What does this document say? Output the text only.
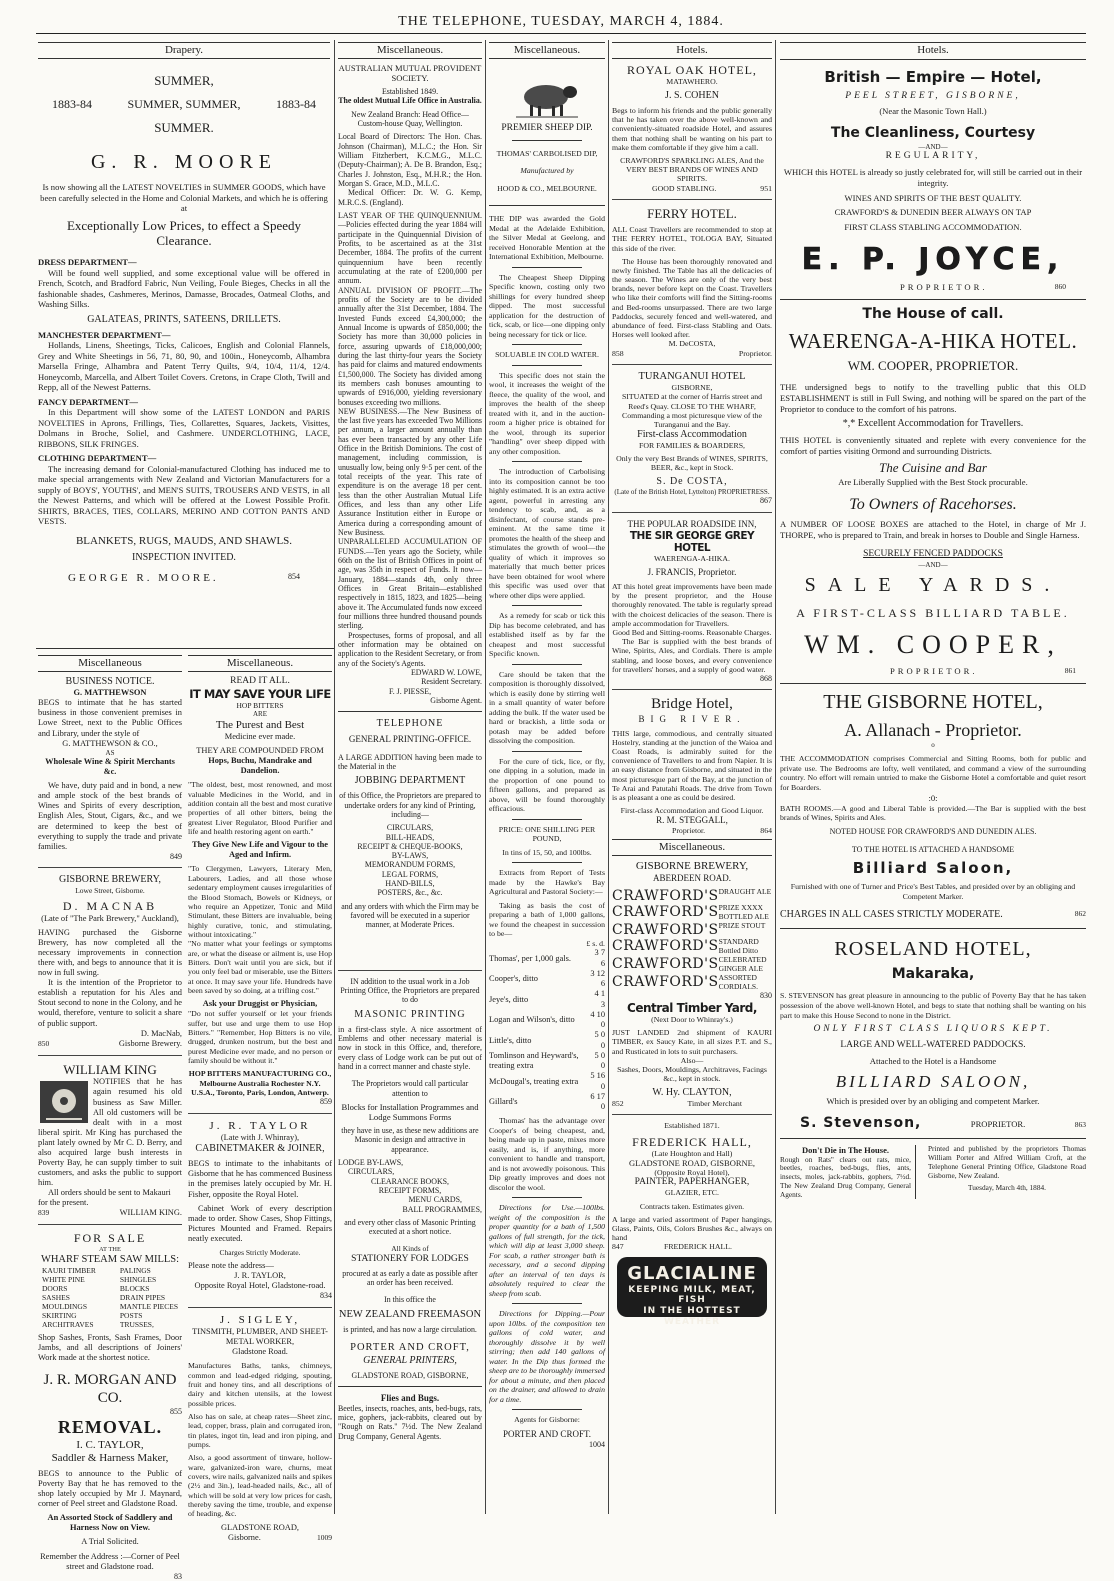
THE TELEPHONE, TUESDAY, MARCH 4, 1884.
Drapery.
SUMMER,
1883-84	SUMMER, SUMMER,	1883-84
SUMMER.
G. R. MOORE

Is now showing all the LATEST NOVELTIES in SUMMER GOODS, which have been carefully selected in the Home and Colonial Markets, and which he is offering at

Exceptionally Low Prices, to effect a Speedy Clearance.
DRESS DEPARTMENT—

Will be found well supplied, and some exceptional value will be offered in French, Scotch, and Bradford Fabric, Nun Veiling, Foule Bieges, Checks in all the fashionable shades, Cashmeres, Merinos, Damasse, Brocades, Oatmeal Cloths, and Washing Silks.

GALATEAS, PRINTS, SATEENS, DRILLETS.
MANCHESTER DEPARTMENT—

Hollands, Linens, Sheetings, Ticks, Calicoes, English and Colonial Flannels, Grey and White Sheetings in 56, 71, 80, 90, and 100in., Honeycomb, Alhambra Marsella Fringe, Alhambra and Patent Terry Quilts, 9/4, 10/4, 11/4, 12/4. Honeycomb, Marcella, and Albert Toilet Covers. Cretons, in Crape Cloth, Twill and Repp, all of the Newest Patterns.

FANCY DEPARTMENT—

In this Department will show some of the LATEST LONDON and PARIS NOVELTIES in Aprons, Frillings, Ties, Collarettes, Squares, Jackets, Visittes, Dolmans in Broche, Soliel, and Cashmere. UNDERCLOTHING, LACE, RIBBONS, SILK FRINGES.

CLOTHING DEPARTMENT—

The increasing demand for Colonial-manufactured Clothing has induced me to make special arrangements with New Zealand and Victorian Manufacturers for a supply of BOYS', YOUTHS', and MEN'S SUITS, TROUSERS AND VESTS, in all the Newest Patterns, and which will be offered at the Lowest Possible Profit. SHIRTS, BRACES, TIES, COLLARS, MERINO AND COTTON PANTS AND VESTS.

BLANKETS, RUGS, MAUDS, AND SHAWLS.
INSPECTION INVITED.
GEORGE R. MOORE.	854
Miscellaneous
BUSINESS NOTICE.
G. MATTHEWSON

BEGS to intimate that he has started business in those convenient premises in Lowe Street, next to the Public Offices and Library, under the style of

G. MATTHEWSON & CO.,
AS
Wholesale Wine & Spirit Merchants &c.

We have, duty paid and in bond, a new and ample stock of the best brands of Wines and Spirits of every description, English Ales, Stout, Cigars, &c., and we are determined to keep the best of everything to supply the trade and private families.

849
GISBORNE BREWERY,
Lowe Street, Gisborne.
D. MACNAB
(Late of "The Park Brewery," Auckland),

HAVING purchased the Gisborne Brewery, has now completed all the necessary improvements in connection there with, and begs to announce that it is now in full swing.

It is the intention of the Proprietor to establish a reputation for his Ales and Stout second to none in the Colony, and he would, therefore, venture to solicit a share of public support.

D. MacNab,
850	Gisborne Brewery.
WILLIAM KING

NOTIFIES that he has again resumed his old business as Saw Miller. All old customers will be dealt with in a most liberal spirit. Mr King has purchased the plant lately owned by Mr C. D. Berry, and also acquired large bush interests in Poverty Bay, he can supply timber to suit customers, and asks the public to support him.

All orders should be sent to Makauri for the present.

839	WILLIAM KING.
FOR SALE
AT THE
WHARF STEAM SAW MILLS:
KAURI TIMBER
WHITE PINE
DOORS
SASHES
MOULDINGS
SKIRTING
ARCHITRAVES
PALINGS
SHINGLES
BLOCKS
DRAIN PIPES
MANTLE PIECES
POSTS
TRUSSES,

Shop Sashes, Fronts, Sash Frames, Door Jambs, and all descriptions of Joiners' Work made at the shortest notice.

J. R. MORGAN AND CO.
855
REMOVAL.
I. C. TAYLOR,
Saddler & Harness Maker,

BEGS to announce to the Public of Poverty Bay that he has removed to the shop lately occupied by Mr J. Maynard, corner of Peel street and Gladstone Road.

An Assorted Stock of Saddlery and Harness Now on View.
A Trial Solicited.
Remember the Address :—Corner of Peel street and Gladstone road.
83
Miscellaneous.
READ IT ALL.
IT MAY SAVE YOUR LIFE
HOP BITTERS
ARE
The Purest and Best
Medicine ever made.
THEY ARE COMPOUNDED FROM
Hops, Buchu, Mandrake and Dandelion.

"The oldest, best, most renowned, and most valuable Medicines in the World, and in addition contain all the best and most curative properties of all other bitters, being the greatest Liver Regulator, Blood Purifier and life and health restoring agent on earth."

They Give New Life and Vigour to the Aged and Infirm.

"To Clergymen, Lawyers, Literary Men, Labourers, Ladies, and all those whose sedentary employment causes irregularities of the Blood Stomach, Bowels or Kidneys, or who require an Appetizer, Tonic and Mild Stimulant, these Bitters are invaluable, being highly curative, tonic, and stimulating, without intoxicating."

"No matter what your feelings or symptoms are, or what the disease or ailment is, use Hop Bitters. Don't wait until you are sick, but if you only feel bad or miserable, use the Bitters at once. It may save your life. Hundreds have been saved by so doing, at a trifling cost."

Ask your Druggist or Physician,

"Do not suffer yourself or let your friends suffer, but use and urge them to use Hop Bitters." "Remember, Hop Bitters is no vile, drugged, drunken nostrum, but the best and purest Medicine ever made, and no person or family should be without it."

HOP BITTERS MANUFACTURING CO., Melbourne Australia Rochester N.Y. U.S.A., Toronto, Paris, London, Antwerp.
859
J. R. TAYLOR
(Late with J. Whinray),
CABINETMAKER & JOINER,

BEGS to intimate to the inhabitants of Gisborne that he has commenced Business in the premises lately occupied by Mr. H. Fisher, opposite the Royal Hotel.

Cabinet Work of every description made to order. Show Cases, Shop Fittings, Pictures Mounted and Framed. Repairs neatly executed.

Charges Strictly Moderate.
Please note the address—
J. R. TAYLOR,
Opposite Royal Hotel, Gladstone-road.
834
J. SIGLEY,
TINSMITH, PLUMBER, AND SHEET-METAL WORKER,
Gladstone Road.

Manufactures Baths, tanks, chimneys, common and lead-edged ridging, spouting, fruit and honey tins, and all descriptions of dairy and kitchen utensils, at the lowest possible prices.

Also has on sale, at cheap rates—Sheet zinc, lead, copper, brass, plain and corrugated iron, tin plates, ingot tin, lead and iron piping, and pumps.

Also, a good assortment of tinware, hollow-ware, galvanized-iron ware, churns, meat covers, wire nails, galvanized nails and spikes (2½ and 3in.), lead-headed nails, &c., all of which will be sold at very low prices for cash, thereby saving the time, trouble, and expense of heading, &c.

GLADSTONE ROAD,
Gisborne.	1009
Miscellaneous.
AUSTRALIAN MUTUAL PROVIDENT SOCIETY.
Established 1849.
The oldest Mutual Life Office in Australia.

New Zealand Branch: Head Office—Custom-house Quay, Wellington.

Local Board of Directors: The Hon. Chas. Johnson (Chairman), M.L.C.; the Hon. Sir William Fitzherbert, K.C.M.G., M.L.C. (Deputy-Chairman); A. De B. Brandon, Esq.; Charles J. Johnston, Esq., M.H.R.; the Hon. Morgan S. Grace, M.D., M.L.C.

Medical Officer: Dr. W. G. Kemp, M.R.C.S. (England).

LAST YEAR OF THE QUINQUENNIUM.—Policies effected during the year 1884 will participate in the Quinquennial Division of Profits, to be ascertained as at the 31st December, 1884. The profits of the current quinquennium have been recently accumulating at the rate of £200,000 per annum.

ANNUAL DIVISION OF PROFIT.—The profits of the Society are to be divided annually after the 31st December, 1884. The Invested Funds exceed £4,300,000; the Annual Income is upwards of £850,000; the Society has more than 30,000 policies in force, assuring upwards of £18,000,000; during the last thirty-four years the Society has paid for claims and matured endowments £1,500,000. The Society has divided among its members cash bonuses amounting to upwards of £916,000, yielding reversionary bonuses exceeding two millions.

NEW BUSINESS.—The New Business of the last five years has exceeded Two Millions per annum, a larger amount annually than has ever been transacted by any other Life Office in the British Dominions. The cost of management, including commission, is unusually low, being only 9·5 per cent. of the total receipts of the year. This rate of expenditure is on the average 18 per cent. less than the other Australian Mutual Life Offices, and less than any other Life Assurance Institution either in Europe or America during a corresponding amount of New Business.

UNPARALLELED ACCUMULATION OF FUNDS.—Ten years ago the Society, while 66th on the list of British Offices in point of age, was 35th in respect of Funds. It now—January, 1884—stands 4th, only three Offices in Great Britain—established respectively in 1815, 1823, and 1825—being above it. The Accumulated funds now exceed four millions three hundred thousand pounds sterling.

Prospectuses, forms of proposal, and all other information may be obtained on application to the Resident Secretary, or from any of the Society's Agents.

EDWARD W. LOWE,
Resident Secretary.
F. J. PIESSE,
Gisborne Agent.
TELEPHONE
GENERAL PRINTING-OFFICE.

A LARGE ADDITION having been made to the Material in the

JOBBING DEPARTMENT

of this Office, the Proprietors are prepared to undertake orders for any kind of Printing, including—

CIRCULARS,
BILL-HEADS,
RECEIPT & CHEQUE-BOOKS,
BY-LAWS,
MEMORANDUM FORMS,
LEGAL FORMS,
HAND-BILLS,
POSTERS, &c., &c.

and any orders with which the Firm may be favored will be executed in a superior manner, at Moderate Prices.

IN addition to the usual work in a Job Printing Office, the Proprietors are prepared to do

MASONIC PRINTING

in a first-class style. A nice assortment of Emblems and other necessary material is now in stock in this Office, and, therefore, every class of Lodge work can be put out of hand in a correct manner and chaste style.

The Proprietors would call particular attention to

Blocks for Installation Programmes and Lodge Summons Forms

they have in use, as these new additions are Masonic in design and attractive in appearance.

LODGE BY-LAWS,
CIRCULARS,
CLEARANCE BOOKS,
RECEIPT FORMS,
MENU CARDS,
BALL PROGRAMMES,

and every other class of Masonic Printing executed at a short notice.

All Kinds of
STATIONERY FOR LODGES

procured at as early a date as possible after an order has been received.

In this office the
NEW ZEALAND FREEMASON

is printed, and has now a large circulation.

PORTER AND CROFT,
GENERAL PRINTERS,
GLADSTONE ROAD, GISBORNE,
Flies and Bugs.

Beetles, insects, roaches, ants, bed-bugs, rats, mice, gophers, jack-rabbits, cleared out by "Rough on Rats." 7½d. The New Zealand Drug Company, General Agents.

Miscellaneous.
PREMIER SHEEP DIP.
THOMAS' CARBOLISED DIP,
Manufactured by
HOOD & CO., MELBOURNE.

THE DIP was awarded the Gold Medal at the Adelaide Exhibition, the Silver Medal at Geelong, and received Honorable Mention at the International Exhibition, Melbourne.

The Cheapest Sheep Dipping Specific known, costing only two shillings for every hundred sheep dipped. The most successful application for the destruction of tick, scab, or lice—one dipping only being necessary for tick or lice.

SOLUABLE IN COLD WATER.

This specific does not stain the wool, it increases the weight of the fleece, the quality of the wool, and improves the health of the sheep treated with it, and in the auction-room a higher price is obtained for the wool, through its superior "handling" over sheep dipped with any other composition.

The introduction of Carbolising into its composition cannot be too highly estimated. It is an extra active agent, powerful in arresting any tendency to scab, and, as a disinfectant, of course stands pre-eminent. At the same time it promotes the health of the sheep and stimulates the growth of wool—the quality of which it improves so materially that much better prices have been obtained for wool where this specific was used over that where other dips were applied.

As a remedy for scab or tick this Dip has become celebrated, and has established itself as by far the cheapest and most successful Specific known.

Care should be taken that the composition is thoroughly dissolved, which is easily done by stirring well in a small quantity of water before adding the bulk. If the water used be hard or brackish, a little soda or potash may be added before dissolving the composition.

For the cure of tick, lice, or fly, one dipping in a solution, made in the proportion of one pound to fifteen gallons, and prepared as above, will be found thoroughly efficacious.

PRICE: ONE SHILLING PER POUND,
In tins of 15, 50, and 100lbs.

Extracts from Report of Tests made by the Hawke's Bay Agricultural and Pastoral Society:—

Taking as basis the cost of preparing a bath of 1,000 gallons, we found the cheapest in succession to be—

£ s. d.
Thomas', per 1,000 gals.	3 7 6
Cooper's, ditto	3 12 6
Jeye's, ditto	4 1 3
Logan and Wilson's, ditto	4 10 0
Little's, ditto	5 0 0
Tomlinson and Heyward's, treating extra	5 0 0
McDougal's, treating extra	5 16 0
Gillard's	6 17 0

Thomas' has the advantage over Cooper's of being cheapest, and, being made up in paste, mixes more easily, and is, if anything, more convenient to handle and transport, and is not avowedly poisonous. This Dip greatly improves and does not discolor the wool.

Directions for Use.—100lbs. weight of the composition is the proper quantity for a bath of 1,500 gallons of full strength, for the tick, which will dip at least 3,000 sheep. For scab, a rather stronger bath is necessary, and a second dipping after an interval of ten days is absolutely required to clear the sheep from scab.

Directions for Dipping.—Pour upon 10lbs. of the composition ten gallons of cold water, and thoroughly dissolve it by well stirring; then add 140 gallons of water. In the Dip thus formed the sheep are to be thoroughly immersed for about a minute, and then placed on the drainer, and allowed to drain for a time.

Agents for Gisborne:
PORTER AND CROFT.
1004
Hotels.
ROYAL OAK HOTEL,
MATAWHERO.
J. S. COHEN

Begs to inform his friends and the public generally that he has taken over the above well-known and conveniently-situated roadside Hotel, and assures them that nothing shall be wanting on his part to make them comfortable if they give him a call.

CRAWFORD'S SPARKLING ALES, And the VERY BEST BRANDS OF WINES AND SPIRITS.

GOOD STABLING.	951
FERRY HOTEL.

ALL Coast Travellers are recommended to stop at THE FERRY HOTEL, TOLOGA BAY, Situated this side of the river.

The House has been thoroughly renovated and newly finished. The Table has all the delicacies of the season. The Wines are only of the very best brands, never before kept on the Coast. Travellers who like their comforts will find the Sitting-rooms and Bed-rooms unsurpassed. There are two large Paddocks, securely fenced and well-watered, and abundance of feed. First-class Stabling and Oats. Horses well looked after.

M. DeCOSTA,
858	Proprietor.
TURANGANUI HOTEL
GISBORNE,

SITUATED at the corner of Harris street and Reed's Quay. CLOSE TO THE WHARF, Commanding a most picturesque view of the Turanganui and the Bay.

First-class Accommodation
FOR FAMILIES & BOARDERS,

Only the very Best Brands of WINES, SPIRITS, BEER, &c., kept in Stock.

S. De COSTA,
(Late of the British Hotel, Lyttelton) PROPRIETRESS.
867
THE POPULAR ROADSIDE INN,
THE SIR GEORGE GREY HOTEL
WAERENGA-A-HIKA.
J. FRANCIS, Proprietor.

AT this hotel great improvements have been made by the present proprietor, and the House thoroughly renovated. The table is regularly spread with the choicest delicacies of the season. There is ample accommodation for Travellers.

Good Bed and Sitting-rooms. Reasonable Charges.

The Bar is supplied with the best brands of Wine, Spirits, Ales, and Cordials. There is ample stabling, and loose boxes, and every convenience for travellers' horses, and a supply of good water.

868
Bridge Hotel,
BIG RIVER.

THIS large, commodious, and centrally situated Hostelry, standing at the junction of the Waioa and Coast Roads, is admirably suited for the convenience of Travellers to and from Napier. It is an easy distance from Gisborne, and situated in the most picturesque part of the Bay, at the junction of Te Arai and Patutahi Roads. The drive from Town is as pleasant a one as could be desired.

First-class Accommodation and Good Liquor.

R. M. STEGGALL,
Proprietor.	864
Miscellaneous.
GISBORNE BREWERY,
ABERDEEN ROAD.
CRAWFORD'S DRAUGHT ALE
CRAWFORD'S PRIZE XXXX BOTTLED ALE
CRAWFORD'S PRIZE STOUT
CRAWFORD'S STANDARD Bottled Ditto
CRAWFORD'S CELEBRATED GINGER ALE
CRAWFORD'S ASSORTED CORDIALS.
830
Central Timber Yard,
(Next Door to Whinray's.)

JUST LANDED 2nd shipment of KAURI TIMBER, ex Saucy Kate, in all sizes P.T. and S., and Rusticated in lots to suit purchasers.

Also—

Sashes, Doors, Mouldings, Architraves, Facings &c., kept in stock.

W. Hy. CLAYTON,
852	Timber Merchant
Established 1871.
FREDERICK HALL,
(Late Houghton and Hall)
GLADSTONE ROAD, GISBORNE,
(Opposite Royal Hotel),
PAINTER, PAPERHANGER,
GLAZIER, ETC.
Contracts taken. Estimates given.

A large and varied assortment of Paper hangings, Glass, Paints, Oils, Colors Brushes &c., always on hand

847	FREDERICK HALL.
GLACIALINE
KEEPING MILK, MEAT, FISH
IN THE HOTTEST WEATHER
Hotels.
British — Empire — Hotel,
PEEL STREET, GISBORNE,
(Near the Masonic Town Hall.)
The Cleanliness, Courtesy
—AND—
REGULARITY,

WHICH this HOTEL is already so justly celebrated for, will still be carried out in their integrity.

WINES AND SPIRITS OF THE BEST QUALITY.
CRAWFORD'S & DUNEDIN BEER ALWAYS ON TAP
FIRST CLASS STABLING ACCOMMODATION.
E. P. JOYCE,
PROPRIETOR.	860
The House of call.
WAERENGA-A-HIKA HOTEL.
WM. COOPER, PROPRIETOR.

THE undersigned begs to notify to the travelling public that this OLD ESTABLISHMENT is still in Full Swing, and nothing will be spared on the part of the Proprietor to conduce to the comfort of his patrons.

*,* Excellent Accommodation for Travellers.

THIS HOTEL is conveniently situated and replete with every convenience for the comfort of parties visiting Ormond and surrounding Districts.

The Cuisine and Bar
Are Liberally Supplied with the Best Stock procurable.
To Owners of Racehorses.

A NUMBER OF LOOSE BOXES are attached to the Hotel, in charge of Mr J. THORPE, who is prepared to Train, and break in horses to Double and Single Harness.

SECURELY FENCED PADDOCKS
—AND—
SALE YARDS.
A FIRST-CLASS BILLIARD TABLE.
WM. COOPER,
PROPRIETOR.	861
THE GISBORNE HOTEL,
A. Allanach - Proprietor.
o

THE ACCOMMODATION comprises Commercial and Sitting Rooms, both for public and private use. The Bedrooms are lofty, well ventilated, and command a view of the surrounding country. No effort will remain untried to make the Gisborne Hotel a comfortable and quiet resort for Boarders.

:0:

BATH ROOMS.—A good and Liberal Table is provided.—The Bar is supplied with the best brands of Wines, Spirits and Ales.

NOTED HOUSE FOR CRAWFORD'S AND DUNEDIN ALES.
TO THE HOTEL IS ATTACHED A HANDSOME
Billiard Saloon,

Furnished with one of Turner and Price's Best Tables, and presided over by an obliging and Competent Marker.

CHARGES IN ALL CASES STRICTLY MODERATE.	862
ROSELAND HOTEL,
Makaraka,

S. STEVENSON has great pleasure in announcing to the public of Poverty Bay that he has taken possession of the above well-known Hotel, and begs to state that nothing shall be wanting on his part to make this House Second to none in the District.

ONLY FIRST CLASS LIQUORS KEPT.
LARGE AND WELL-WATERED PADDOCKS.
Attached to the Hotel is a Handsome
BILLIARD SALOON,
Which is presided over by an obliging and competent Marker.
S. Stevenson,	PROPRIETOR.	863
Don't Die in The House.

Rough on Rats" clears out rats, mice, beetles, roaches, bed-bugs, flies, ants, insects, moles, jack-rabbits, gophers, 7½d. The New Zealand Drug Company, General Agents.

Printed and published by the proprietors Thomas William Porter and Alfred William Croft, at the Telephone General Printing Office, Gladstone Road Gisborne, New Zealand.

Tuesday, March 4th, 1884.
